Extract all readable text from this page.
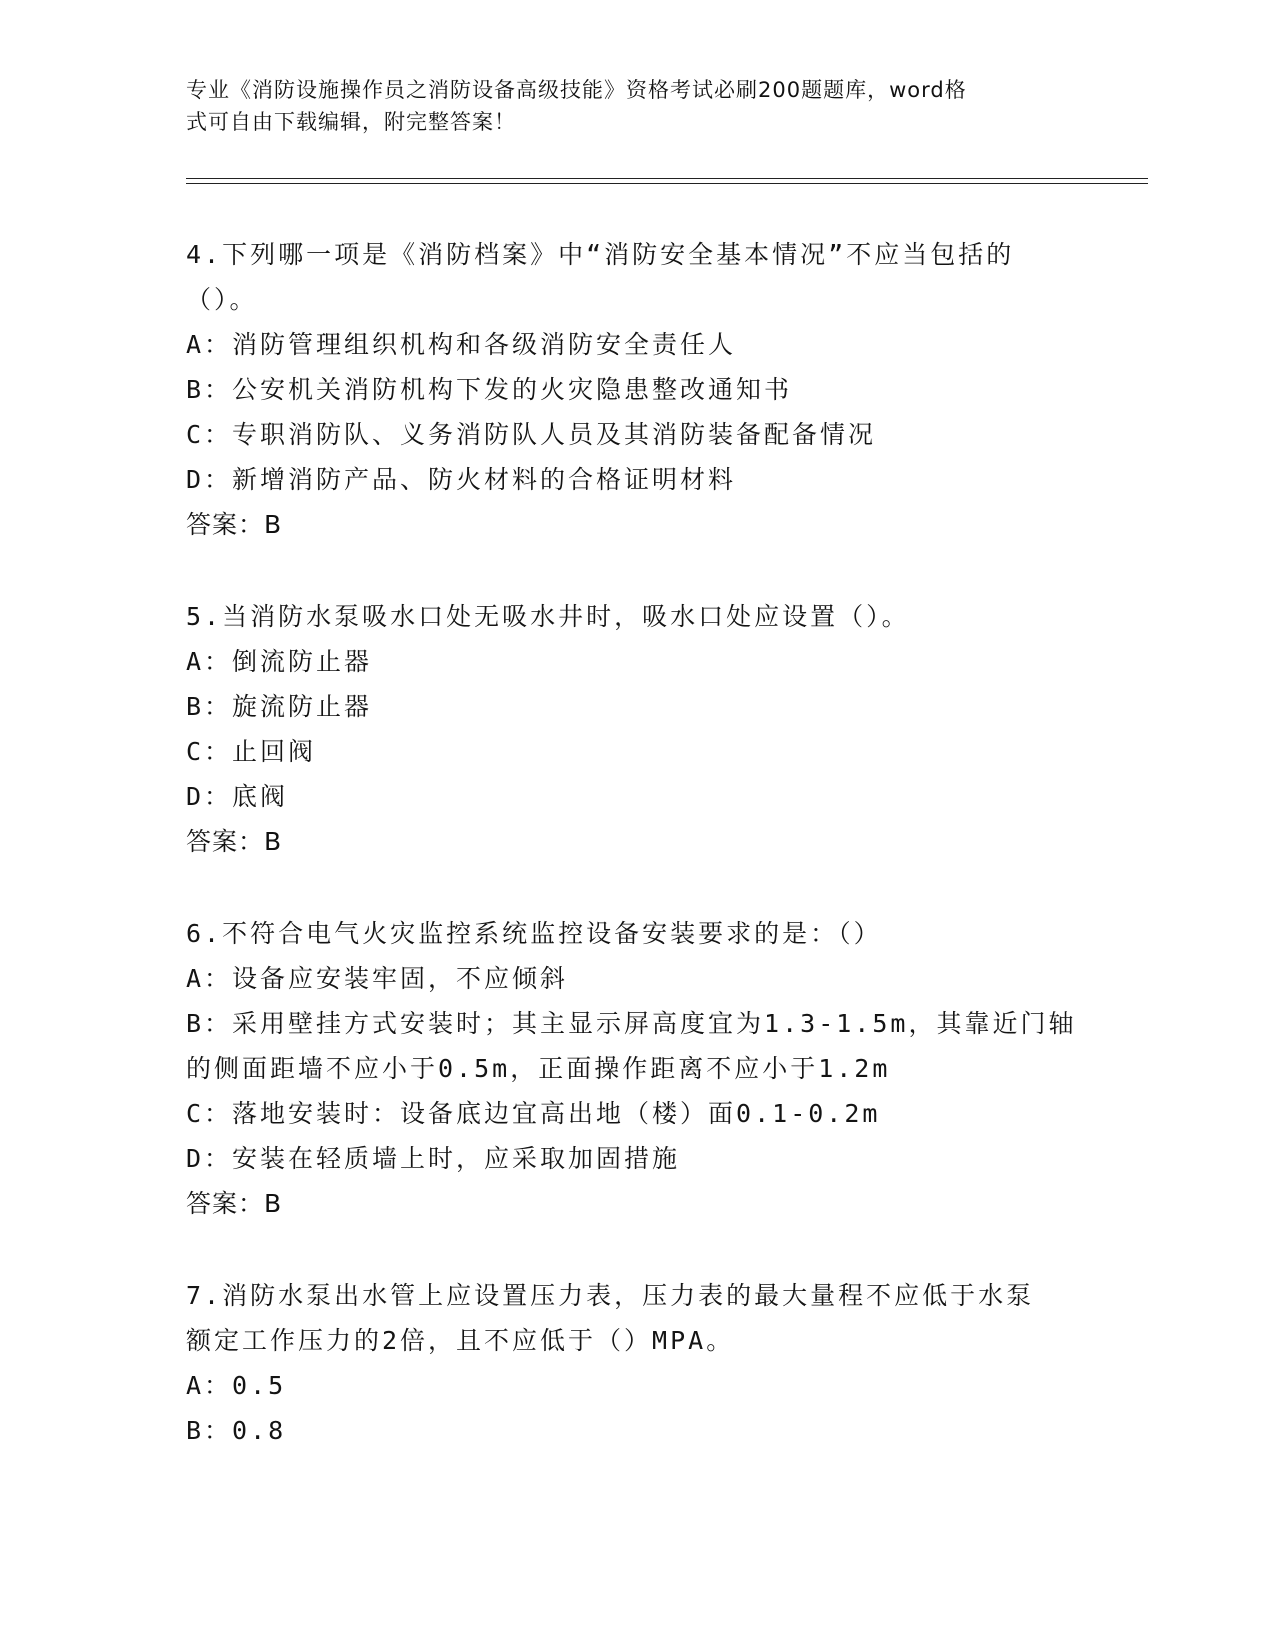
专业《消防设施操作员之消防设备高级技能》资格考试必刷200题题库，word格
式可自由下载编辑，附完整答案！
4.下列哪一项是《消防档案》中“消防安全基本情况”不应当包括的
（）。
A：消防管理组织机构和各级消防安全责任人
B：公安机关消防机构下发的火灾隐患整改通知书
C：专职消防队、义务消防队人员及其消防装备配备情况
D：新增消防产品、防火材料的合格证明材料
答案：B
5.当消防水泵吸水口处无吸水井时，吸水口处应设置（）。
A：倒流防止器
B：旋流防止器
C：止回阀
D：底阀
答案：B
6.不符合电气火灾监控系统监控设备安装要求的是：（）
A：设备应安装牢固，不应倾斜
B：采用壁挂方式安装时；其主显示屏高度宜为1.3-1.5m，其靠近门轴
的侧面距墙不应小于0.5m，正面操作距离不应小于1.2m
C：落地安装时：设备底边宜高出地（楼）面0.1-0.2m
D：安装在轻质墙上时，应采取加固措施
答案：B
7.消防水泵出水管上应设置压力表，压力表的最大量程不应低于水泵
额定工作压力的2倍，且不应低于（）MPA。
A：0.5
B：0.8
